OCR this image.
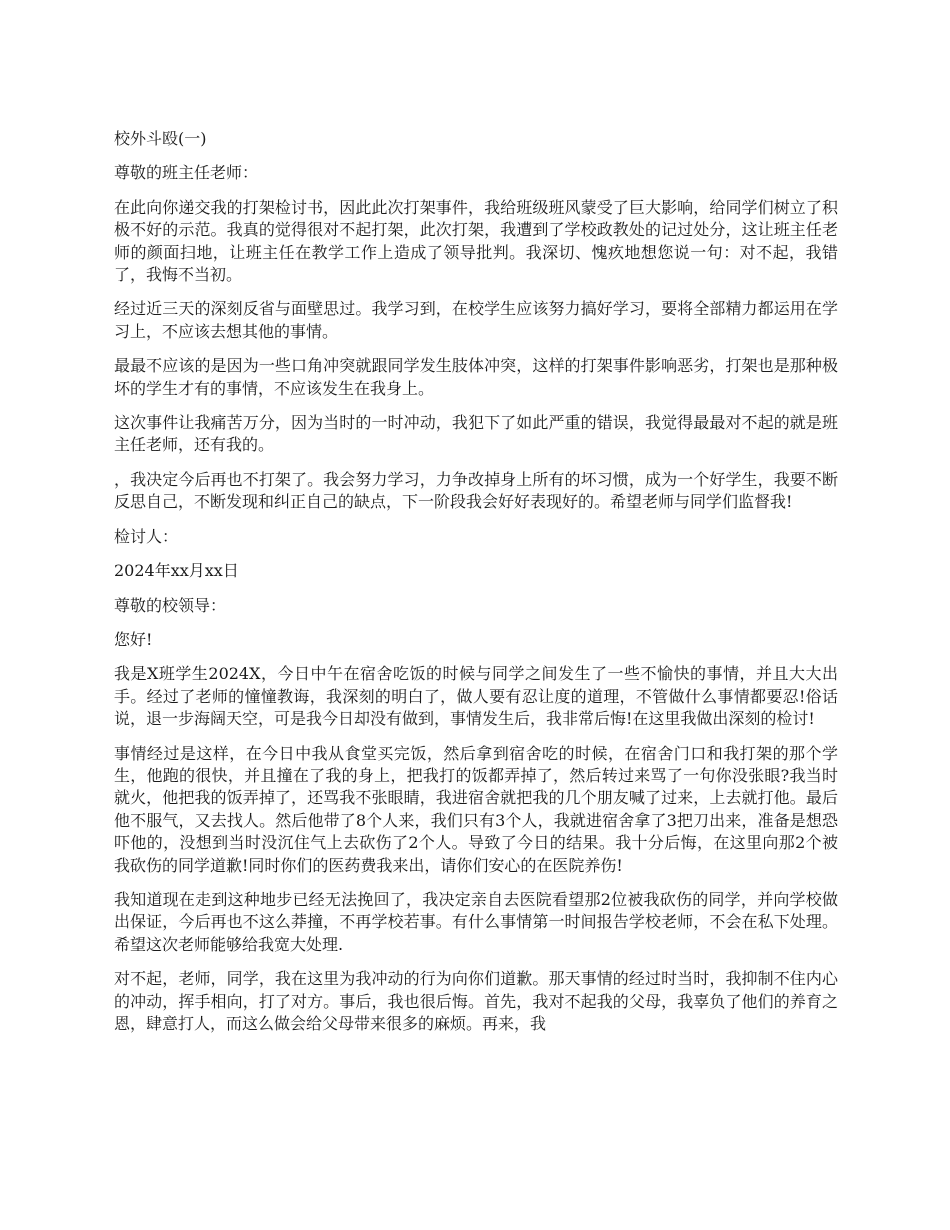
校外斗殴(一)

尊敬的班主任老师：

在此向你递交我的打架检讨书，因此此次打架事件，我给班级班风蒙受了巨大影响，给同学们树立了积极不好的示范。我真的觉得很对不起打架，此次打架，我遭到了学校政教处的记过处分，这让班主任老师的颜面扫地，让班主任在教学工作上造成了领导批判。我深切、愧疚地想您说一句：对不起，我错了，我悔不当初。

经过近三天的深刻反省与面壁思过。我学习到，在校学生应该努力搞好学习，要将全部精力都运用在学习上，不应该去想其他的事情。

最最不应该的是因为一些口角冲突就跟同学发生肢体冲突，这样的打架事件影响恶劣，打架也是那种极坏的学生才有的事情，不应该发生在我身上。

这次事件让我痛苦万分，因为当时的一时冲动，我犯下了如此严重的错误，我觉得最最对不起的就是班主任老师，还有我的。

，我决定今后再也不打架了。我会努力学习，力争改掉身上所有的坏习惯，成为一个好学生，我要不断反思自己，不断发现和纠正自己的缺点，下一阶段我会好好表现好的。希望老师与同学们监督我!

检讨人：

2024年xx月xx日

尊敬的校领导：

您好!

我是X班学生2024X，今日中午在宿舍吃饭的时候与同学之间发生了一些不愉快的事情，并且大大出手。经过了老师的憧憧教诲，我深刻的明白了，做人要有忍让度的道理，不管做什么事情都要忍!俗话说，退一步海阔天空，可是我今日却没有做到，事情发生后，我非常后悔!在这里我做出深刻的检讨!

事情经过是这样，在今日中我从食堂买完饭，然后拿到宿舍吃的时候，在宿舍门口和我打架的那个学生，他跑的很快，并且撞在了我的身上，把我打的饭都弄掉了，然后转过来骂了一句你没张眼?我当时就火，他把我的饭弄掉了，还骂我不张眼睛，我进宿舍就把我的几个朋友喊了过来，上去就打他。最后他不服气，又去找人。然后他带了8个人来，我们只有3个人，我就进宿舍拿了3把刀出来，准备是想恐吓他的，没想到当时没沉住气上去砍伤了2个人。导致了今日的结果。我十分后悔，在这里向那2个被我砍伤的同学道歉!同时你们的医药费我来出，请你们安心的在医院养伤!

我知道现在走到这种地步已经无法挽回了，我决定亲自去医院看望那2位被我砍伤的同学，并向学校做出保证，今后再也不这么莽撞，不再学校若事。有什么事情第一时间报告学校老师，不会在私下处理。希望这次老师能够给我宽大处理.

对不起，老师，同学，我在这里为我冲动的行为向你们道歉。那天事情的经过时当时，我抑制不住内心的冲动，挥手相向，打了对方。事后，我也很后悔。首先，我对不起我的父母，我辜负了他们的养育之恩，肆意打人，而这么做会给父母带来很多的麻烦。再来，我
